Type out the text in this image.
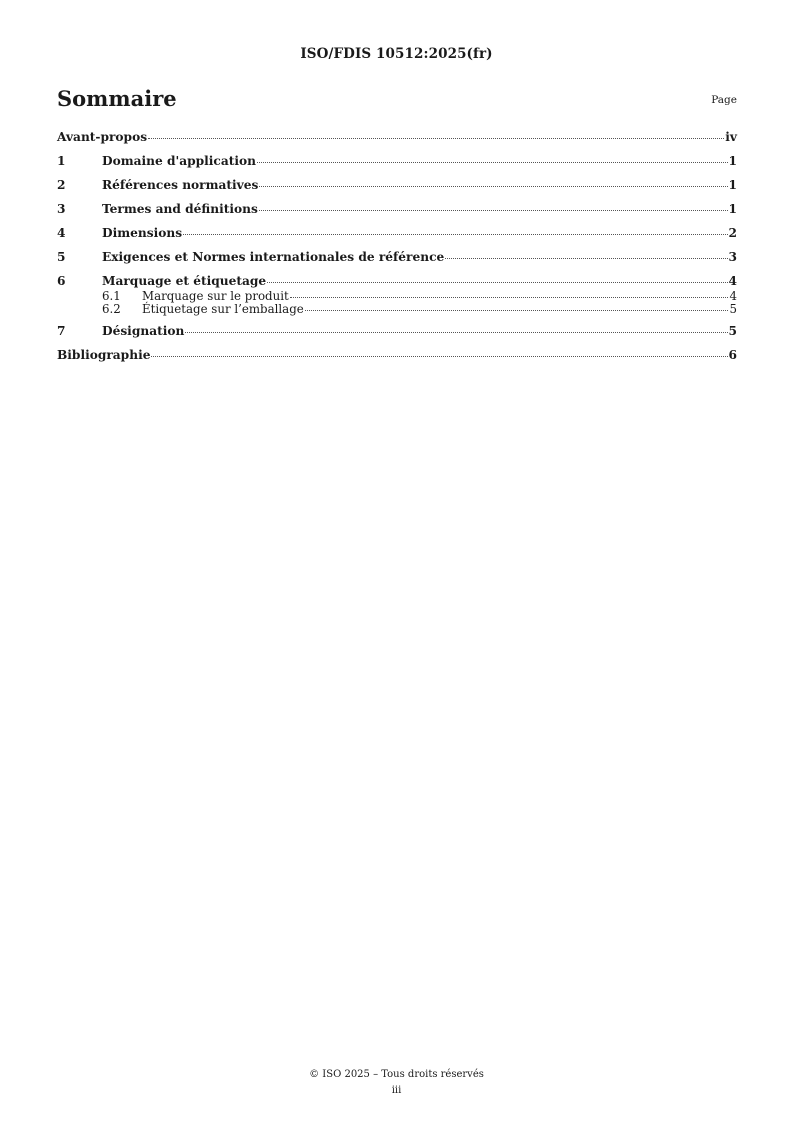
ISO/FDIS 10512:2025(fr)
Sommaire	Page
Avant-propos	iv
1	Domaine d'application	1
2	Références normatives	1
3	Termes and définitions	1
4	Dimensions	2
5	Exigences et Normes internationales de référence	3
6	Marquage et étiquetage	4
6.1	Marquage sur le produit	4
6.2	Étiquetage sur l’emballage	5
7	Désignation	5
Bibliographie	6
© ISO 2025 – Tous droits réservés
iii
